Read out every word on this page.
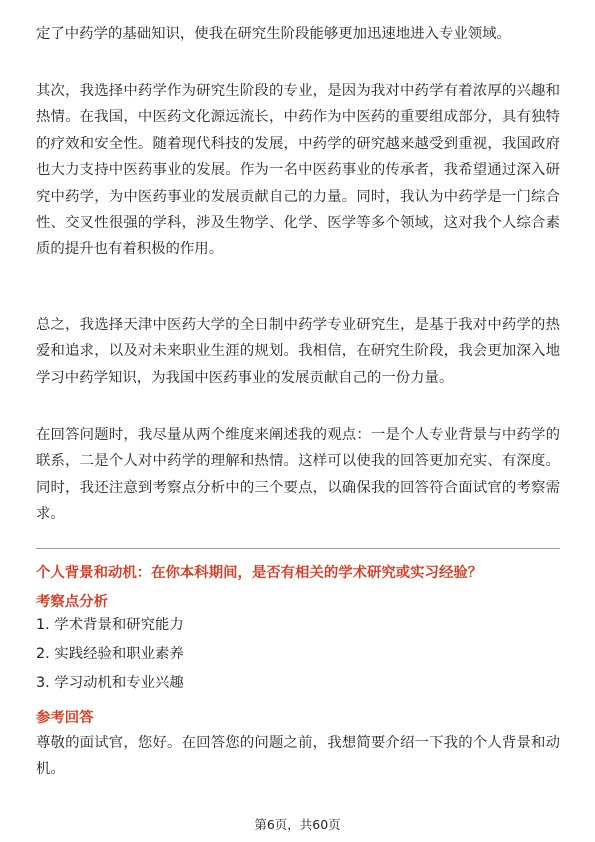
定了中药学的基础知识，使我在研究生阶段能够更加迅速地进入专业领域。

其次，我选择中药学作为研究生阶段的专业，是因为我对中药学有着浓厚的兴趣和热情。在我国，中医药文化源远流长，中药作为中医药的重要组成部分，具有独特的疗效和安全性。随着现代科技的发展，中药学的研究越来越受到重视，我国政府也大力支持中医药事业的发展。作为一名中医药事业的传承者，我希望通过深入研究中药学，为中医药事业的发展贡献自己的力量。同时，我认为中药学是一门综合性、交叉性很强的学科，涉及生物学、化学、医学等多个领域，这对我个人综合素质的提升也有着积极的作用。

总之，我选择天津中医药大学的全日制中药学专业研究生，是基于我对中药学的热爱和追求，以及对未来职业生涯的规划。我相信，在研究生阶段，我会更加深入地学习中药学知识，为我国中医药事业的发展贡献自己的一份力量。

在回答问题时，我尽量从两个维度来阐述我的观点：一是个人专业背景与中药学的联系，二是个人对中药学的理解和热情。这样可以使我的回答更加充实、有深度。同时，我还注意到考察点分析中的三个要点，以确保我的回答符合面试官的考察需求。

个人背景和动机：在你本科期间，是否有相关的学术研究或实习经验？
考察点分析
1. 学术背景和研究能力
2. 实践经验和职业素养
3. 学习动机和专业兴趣
参考回答

尊敬的面试官，您好。在回答您的问题之前，我想简要介绍一下我的个人背景和动机。

第6页，共60页
